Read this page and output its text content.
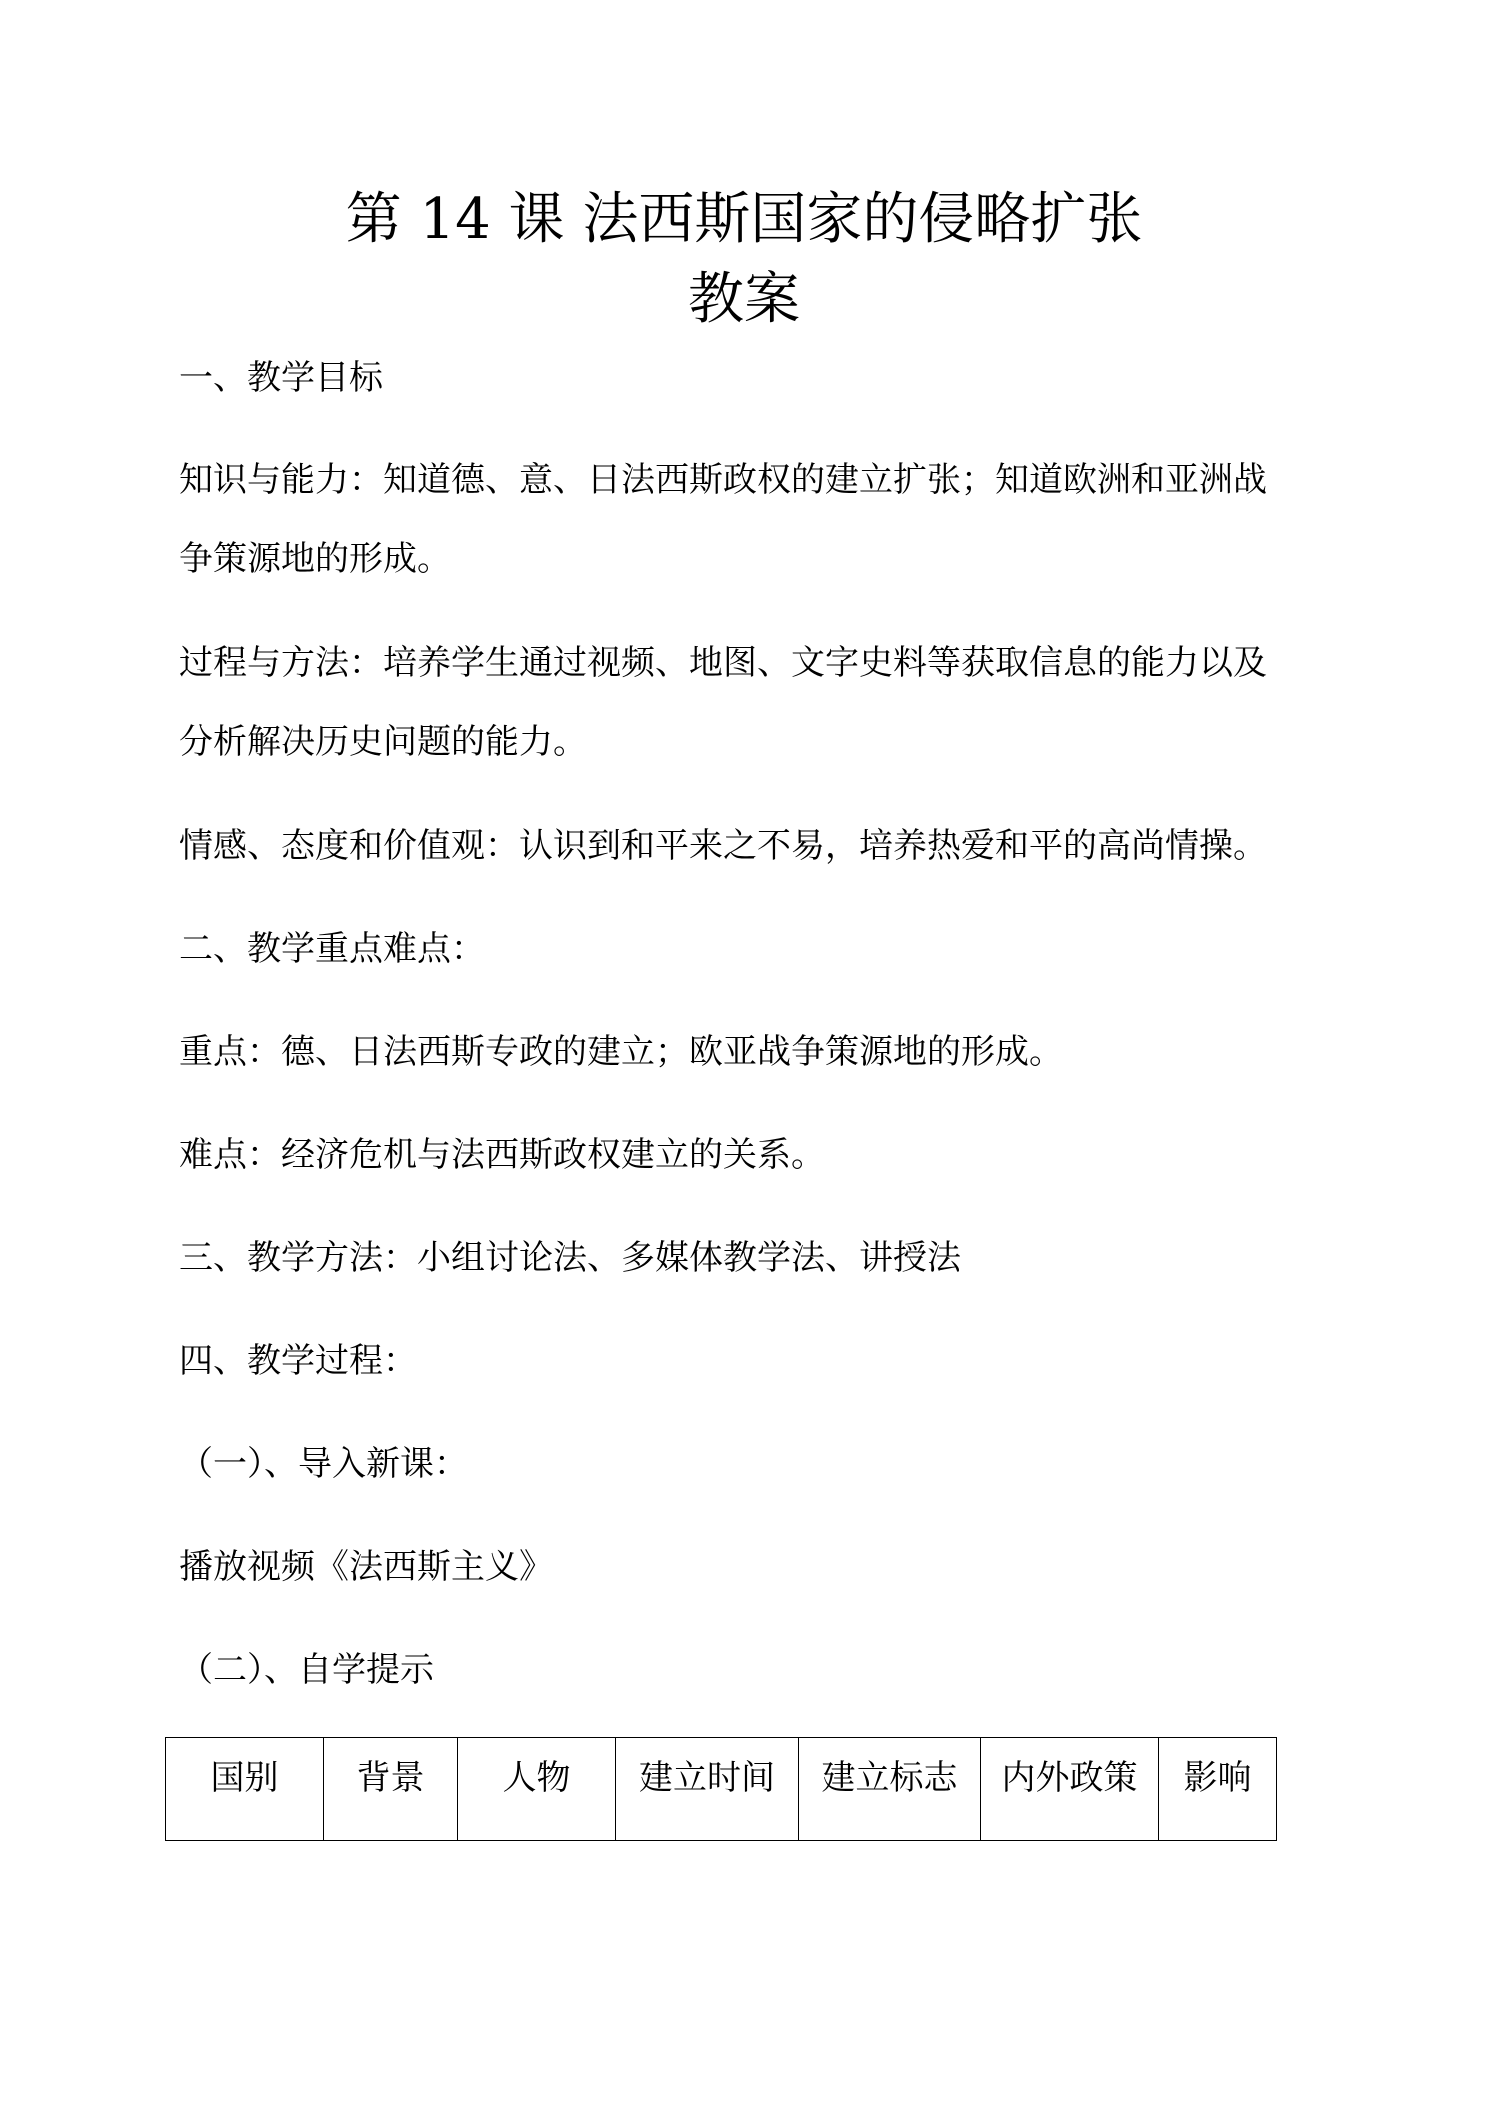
第 14 课 法西斯国家的侵略扩张
教案
一、教学目标
知识与能力：知道德、意、日法西斯政权的建立扩张；知道欧洲和亚洲战
争策源地的形成。
过程与方法：培养学生通过视频、地图、文字史料等获取信息的能力以及
分析解决历史问题的能力。
情感、态度和价值观：认识到和平来之不易，培养热爱和平的高尚情操。
二、教学重点难点：
重点：德、日法西斯专政的建立；欧亚战争策源地的形成。
难点：经济危机与法西斯政权建立的关系。
三、教学方法：小组讨论法、多媒体教学法、讲授法
四、教学过程：
（一）、导入新课：
播放视频《法西斯主义》
（二）、自学提示
国别	背景	人物	建立时间	建立标志	内外政策	影响
